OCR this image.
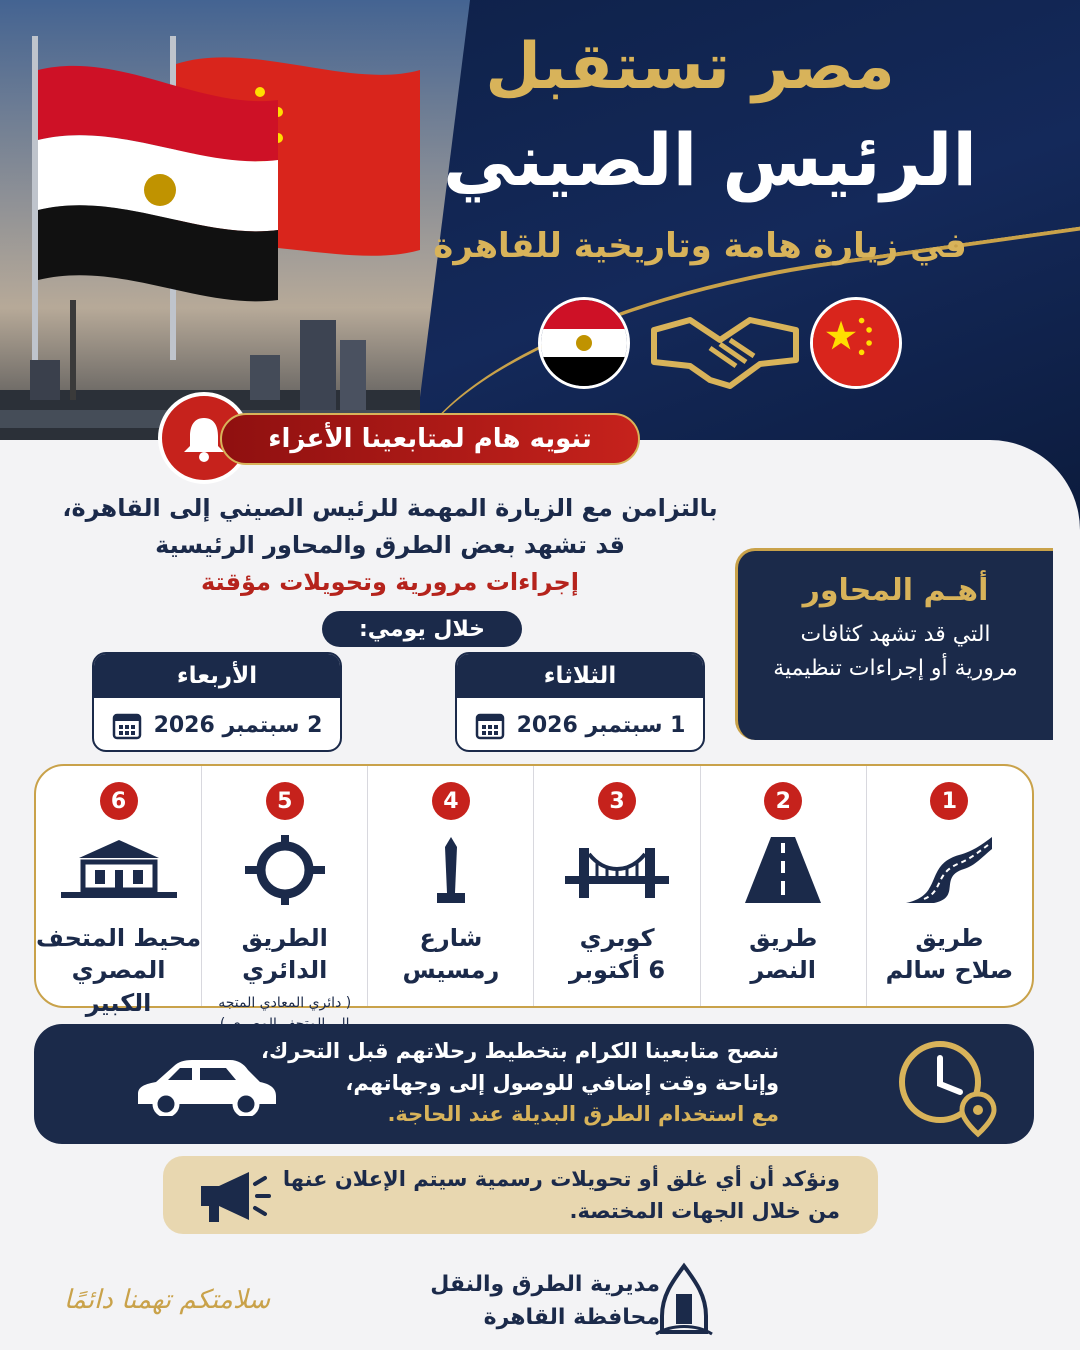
مصر تستقبل
الرئيس الصيني
في زيارة هامة وتاريخية للقاهرة
تنويه هام لمتابعينا الأعزاء
بالتزامن مع الزيارة المهمة للرئيس الصيني إلى القاهرة،
قد تشهد بعض الطرق والمحاور الرئيسية
إجراءات مرورية وتحويلات مؤقتة
خلال يومي:
الثلاثاء
1 سبتمبر 2026
الأربعاء
2 سبتمبر 2026
أهـم المحاور
التي قد تشهد كثافات
مرورية أو إجراءات تنظيمية
1
طريق
صلاح سالم
2
طريق
النصر
3
كوبري
6 أكتوبر
4
شارع
رمسيس
5
الطريق الدائري
( دائري المعادي المتجه
6
محيط المتحف
المصري الكبير
ننصح متابعينا الكرام بتخطيط رحلاتهم قبل التحرك،
وإتاحة وقت إضافي للوصول إلى وجهاتهم،
مع استخدام الطرق البديلة عند الحاجة.
ونؤكد أن أي غلق أو تحويلات رسمية سيتم الإعلان عنها
من خلال الجهات المختصة.
سلامتكم تهمنا دائمًا
مديرية الطرق والنقل
محافظة القاهرة
